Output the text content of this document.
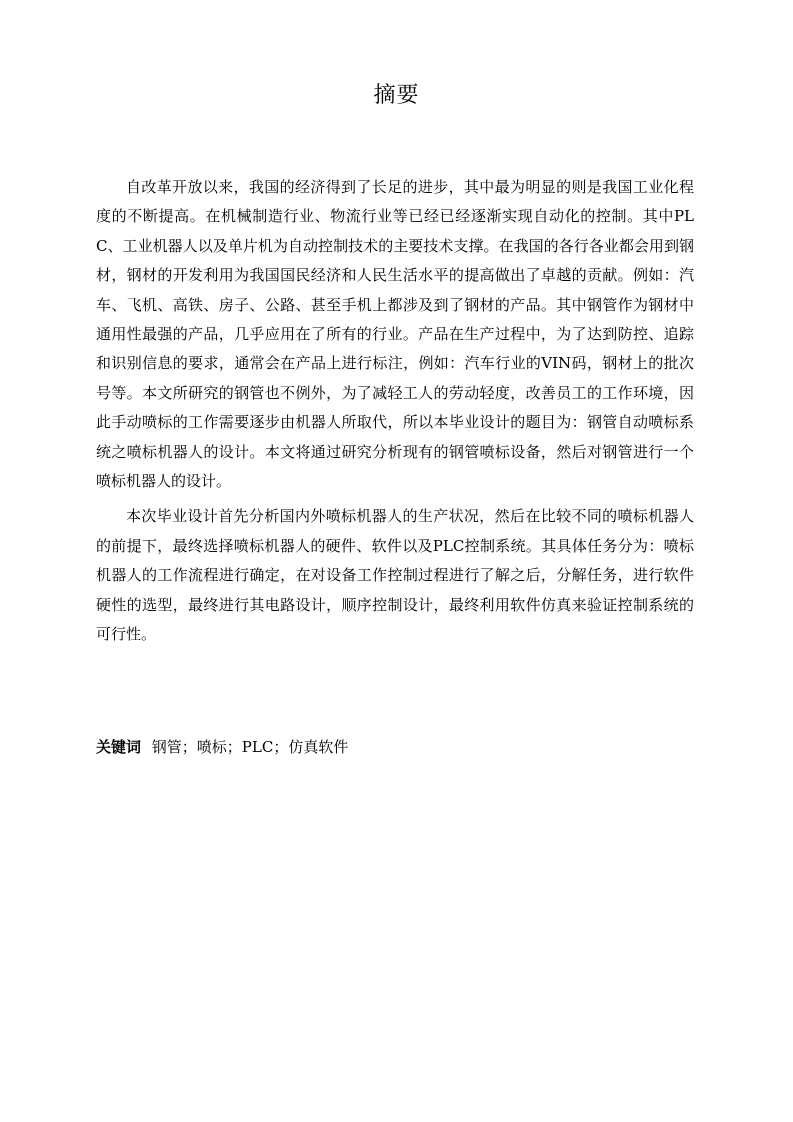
摘要

自改革开放以来，我国的经济得到了长足的进步，其中最为明显的则是我国工业化程度的不断提高。在机械制造行业、物流行业等已经已经逐渐实现自动化的控制。其中PLC、工业机器人以及单片机为自动控制技术的主要技术支撑。在我国的各行各业都会用到钢材，钢材的开发利用为我国国民经济和人民生活水平的提高做出了卓越的贡献。例如：汽车、飞机、高铁、房子、公路、甚至手机上都涉及到了钢材的产品。其中钢管作为钢材中通用性最强的产品，几乎应用在了所有的行业。产品在生产过程中，为了达到防控、追踪和识别信息的要求，通常会在产品上进行标注，例如：汽车行业的VIN码，钢材上的批次号等。本文所研究的钢管也不例外，为了减轻工人的劳动轻度，改善员工的工作环境，因此手动喷标的工作需要逐步由机器人所取代，所以本毕业设计的题目为：钢管自动喷标系统之喷标机器人的设计。本文将通过研究分析现有的钢管喷标设备，然后对钢管进行一个喷标机器人的设计。

本次毕业设计首先分析国内外喷标机器人的生产状况，然后在比较不同的喷标机器人的前提下，最终选择喷标机器人的硬件、软件以及PLC控制系统。其具体任务分为：喷标机器人的工作流程进行确定，在对设备工作控制过程进行了解之后，分解任务，进行软件硬性的选型，最终进行其电路设计，顺序控制设计，最终利用软件仿真来验证控制系统的可行性。

关键词 钢管；喷标；PLC；仿真软件
